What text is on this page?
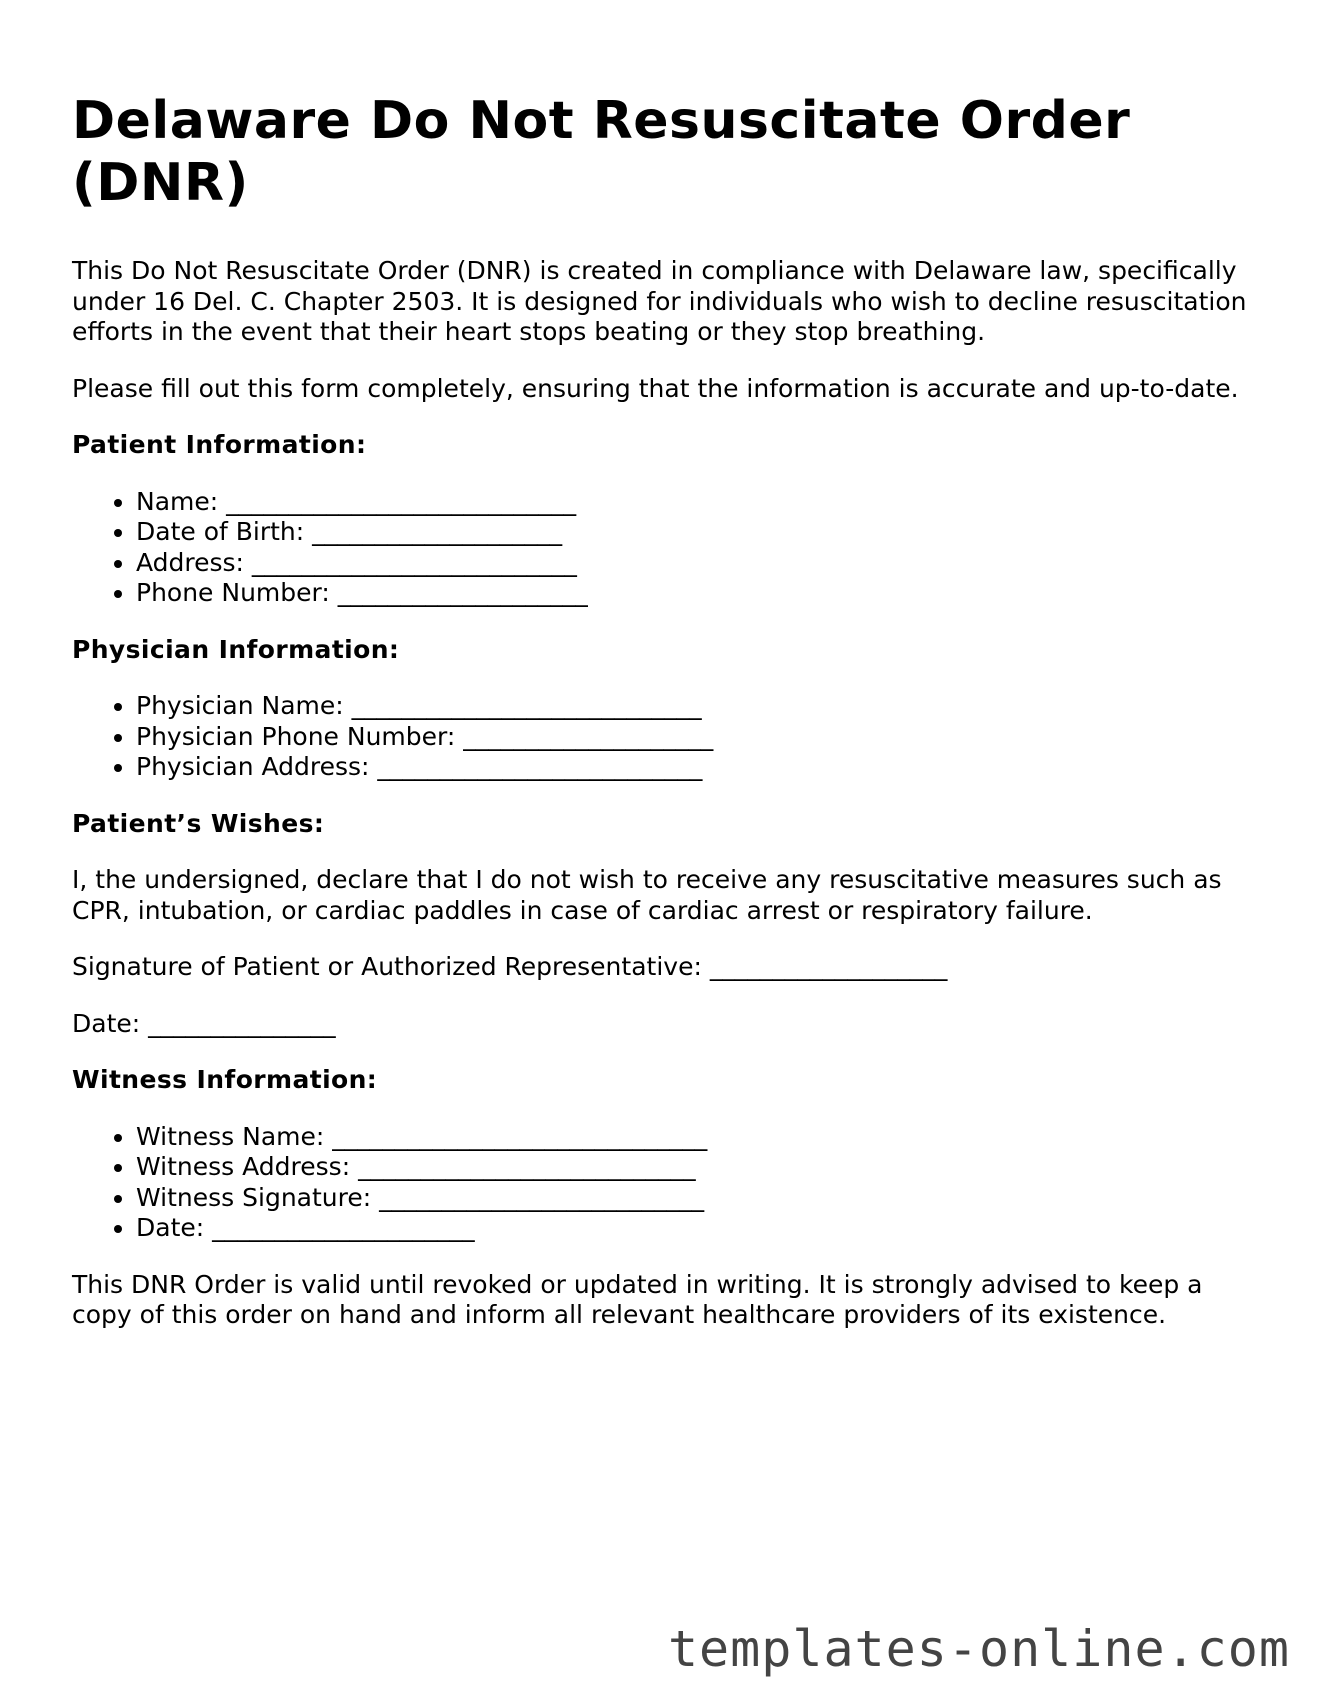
Delaware Do Not Resuscitate Order (DNR)

This Do Not Resuscitate Order (DNR) is created in compliance with Delaware law, specifically under 16 Del. C. Chapter 2503. It is designed for individuals who wish to decline resuscitation efforts in the event that their heart stops beating or they stop breathing.

Please fill out this form completely, ensuring that the information is accurate and up-to-date.

Patient Information:
• Name: ____________________________
• Date of Birth: ____________________
• Address: __________________________
• Phone Number: ____________________
Physician Information:
• Physician Name: ____________________________
• Physician Phone Number: ____________________
• Physician Address: __________________________
Patient’s Wishes:

I, the undersigned, declare that I do not wish to receive any resuscitative measures such as CPR, intubation, or cardiac paddles in case of cardiac arrest or respiratory failure.

Signature of Patient or Authorized Representative: ___________________

Date: _______________

Witness Information:
• Witness Name: ______________________________
• Witness Address: ___________________________
• Witness Signature: __________________________
• Date: _____________________

This DNR Order is valid until revoked or updated in writing. It is strongly advised to keep a copy of this order on hand and inform all relevant healthcare providers of its existence.

templates-online.com
